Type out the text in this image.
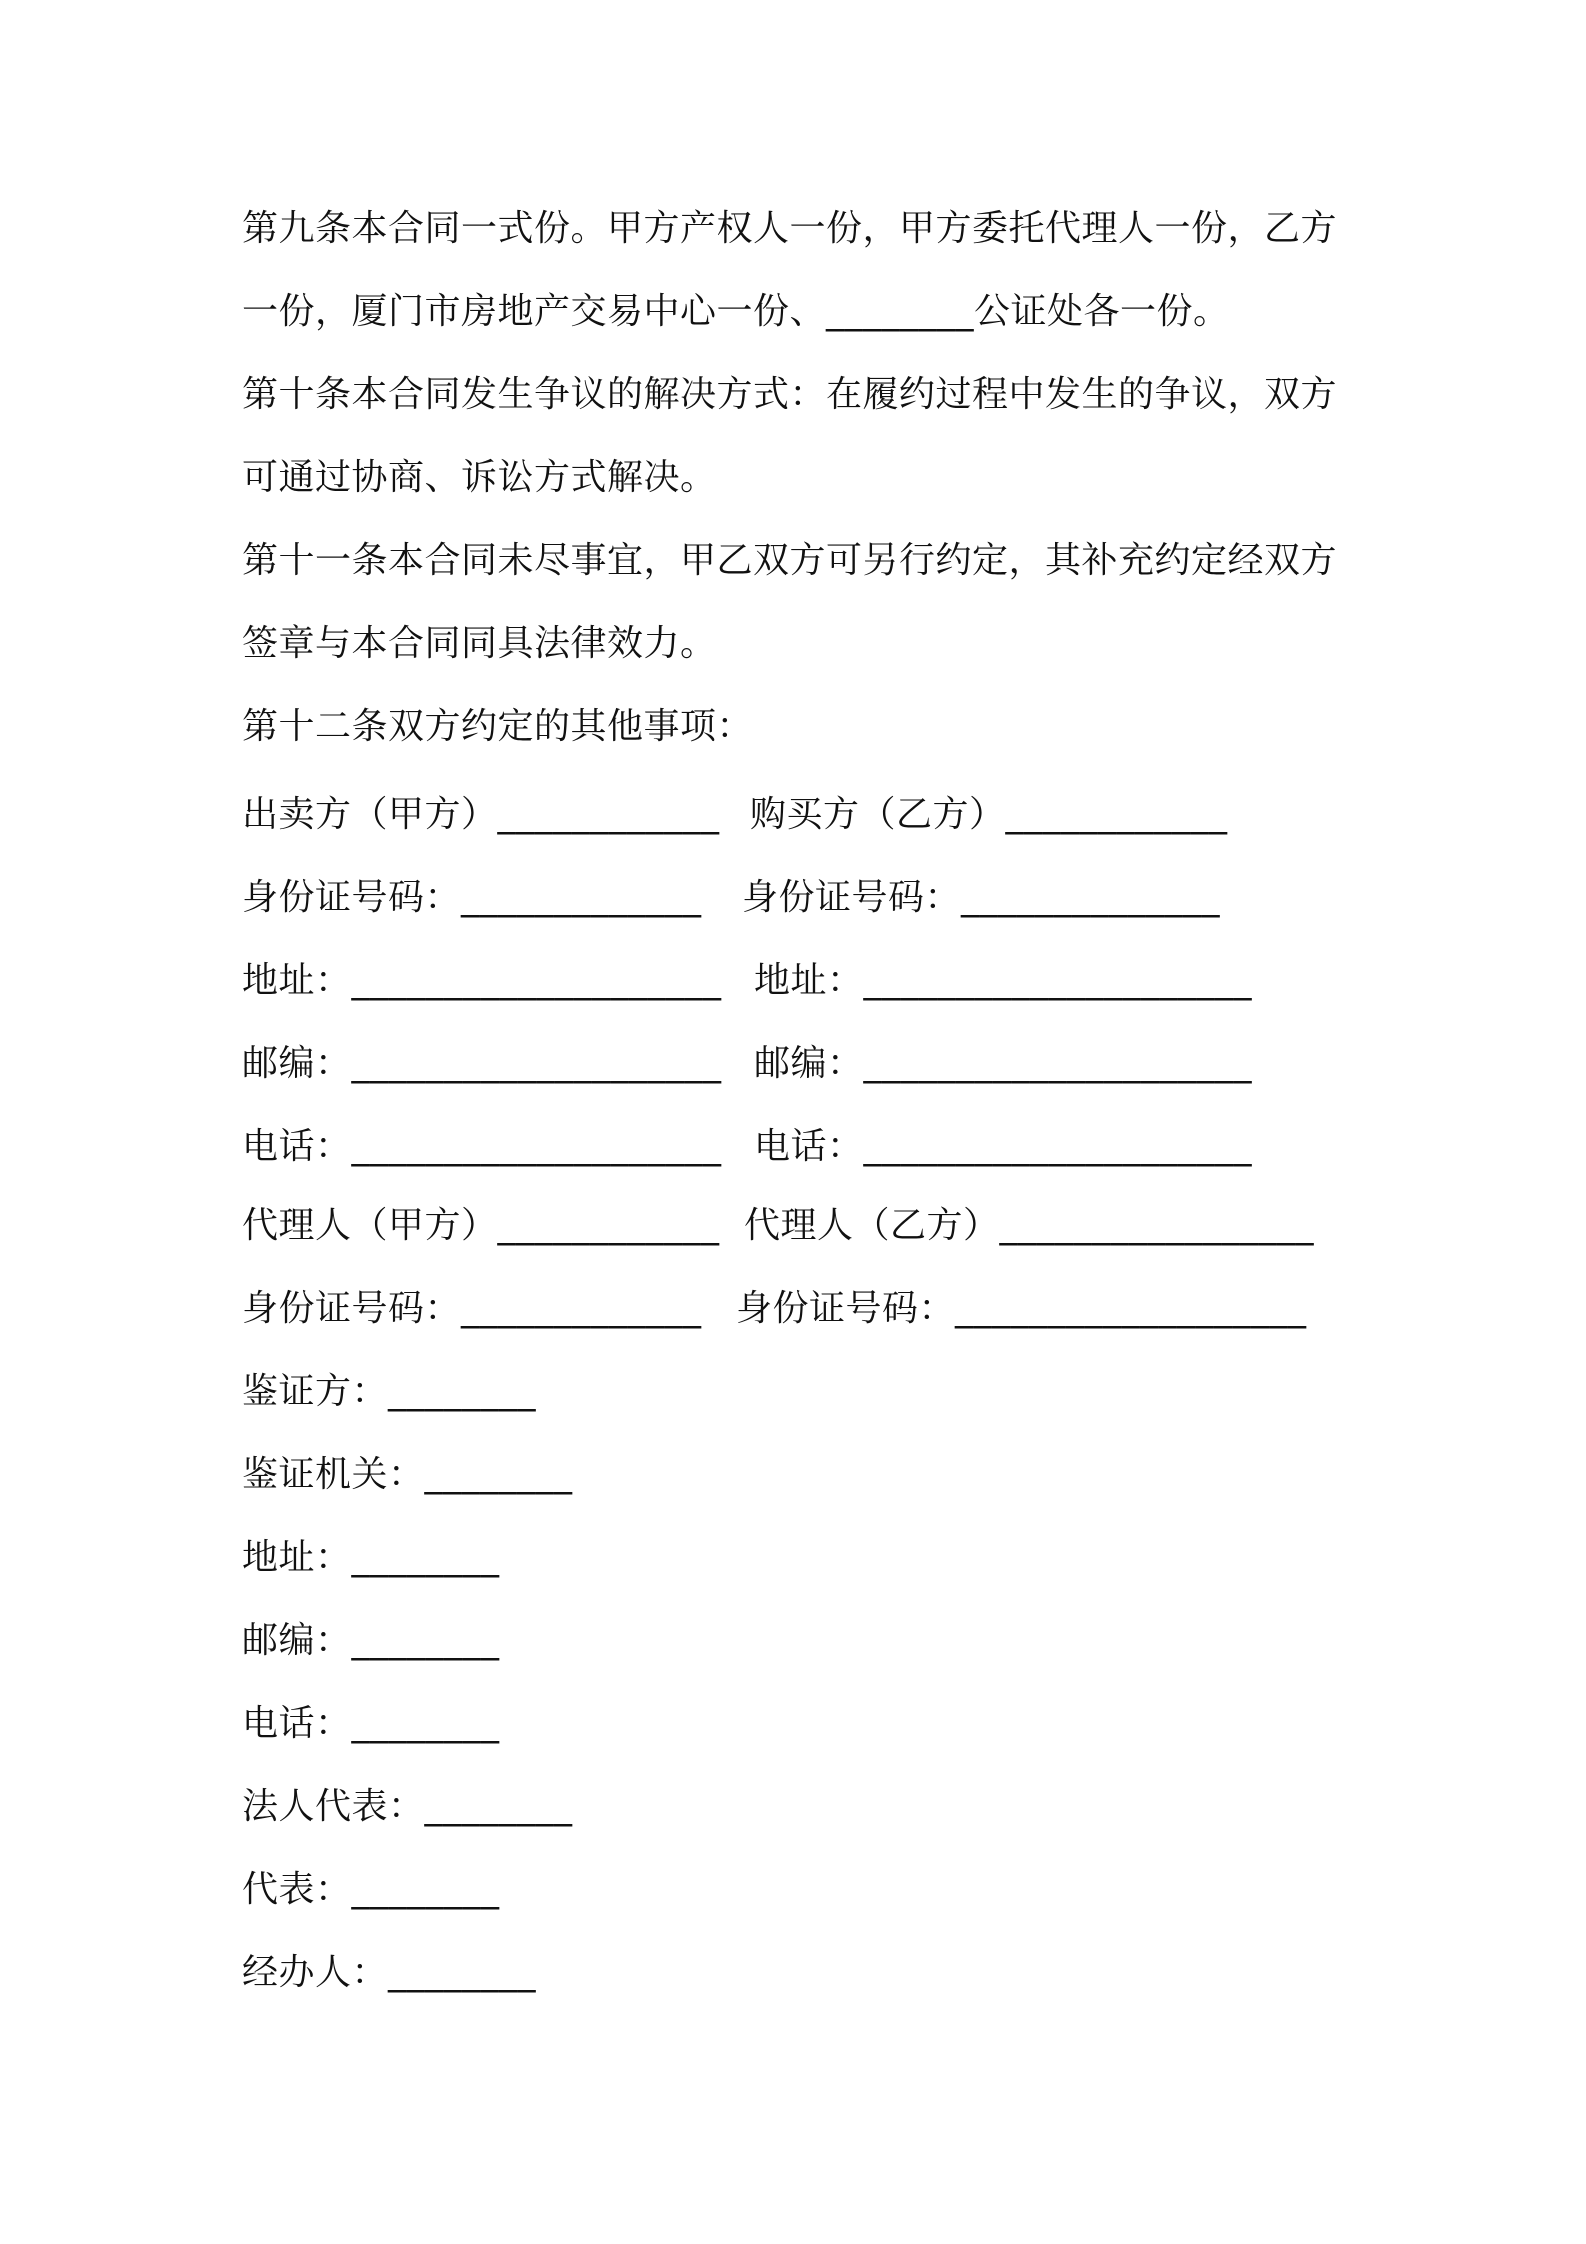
第九条本合同一式份。甲方产权人一份，甲方委托代理人一份，乙方
一份，厦门市房地产交易中心一份、________公证处各一份。
第十条本合同发生争议的解决方式：在履约过程中发生的争议，双方
可通过协商、诉讼方式解决。
第十一条本合同未尽事宜，甲乙双方可另行约定，其补充约定经双方
签章与本合同同具法律效力。
第十二条双方约定的其他事项：
出卖方（甲方）____________ 购买方（乙方）____________
身份证号码：_____________ 身份证号码：______________
地址：____________________ 地址：_____________________
邮编：____________________ 邮编：_____________________
电话：____________________ 电话：_____________________
代理人（甲方）____________ 代理人（乙方）_________________
身份证号码：_____________ 身份证号码：___________________
鉴证方：________
鉴证机关：________
地址：________
邮编：________
电话：________
法人代表：________
代表：________
经办人：________
